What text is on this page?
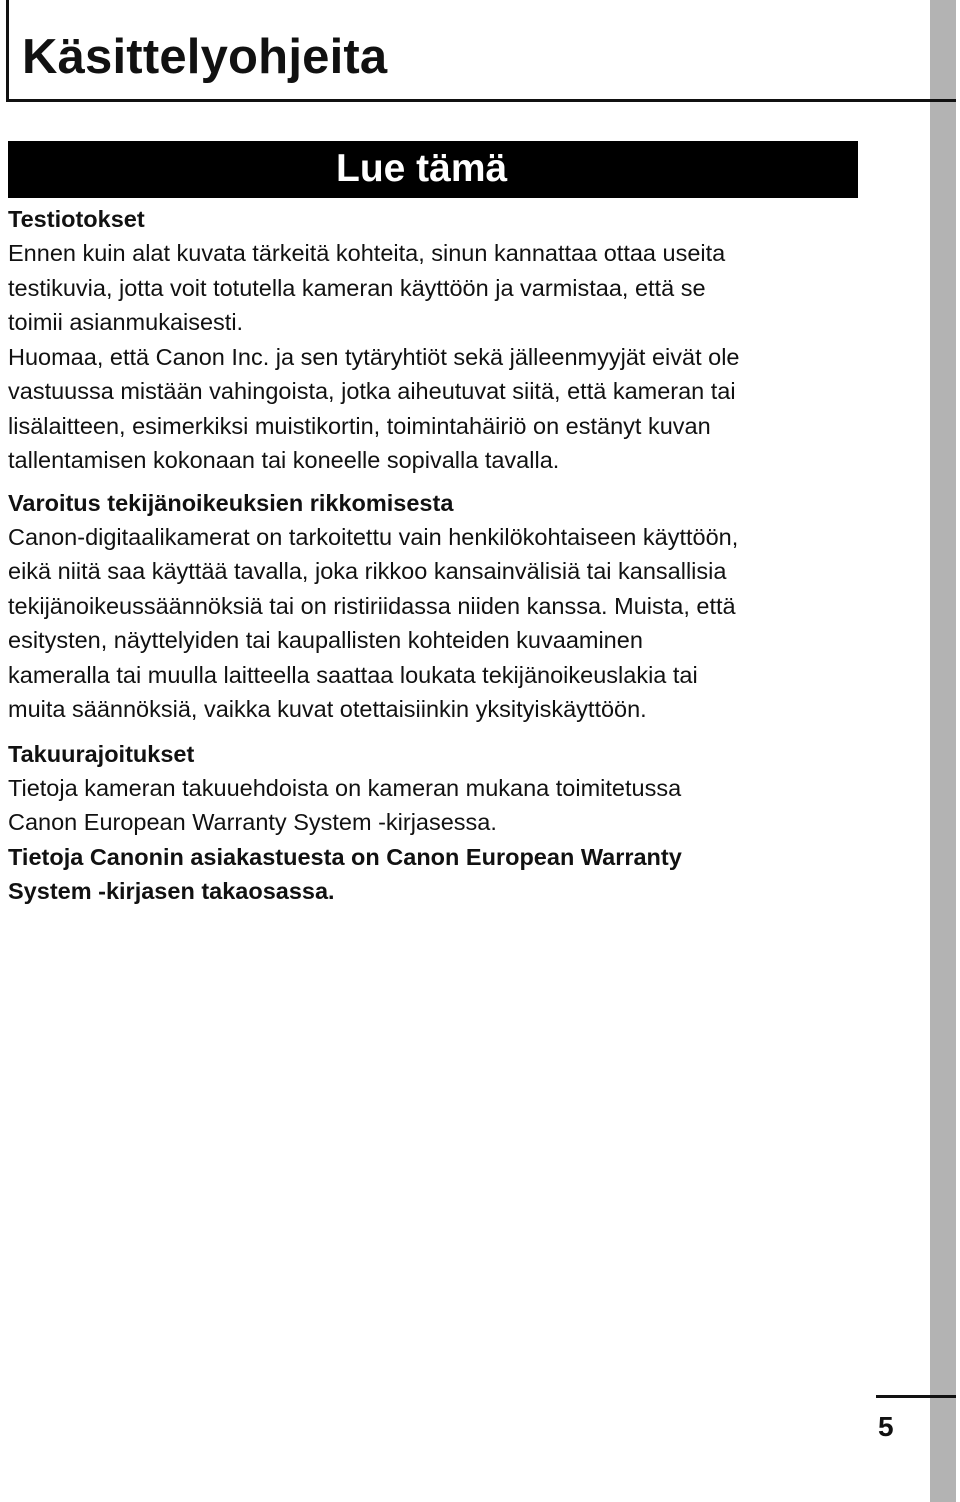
Käsittelyohjeita
Lue tämä
Testiotokset

Ennen kuin alat kuvata tärkeitä kohteita, sinun kannattaa ottaa useita

testikuvia, jotta voit totutella kameran käyttöön ja varmistaa, että se

toimii asianmukaisesti.

Huomaa, että Canon Inc. ja sen tytäryhtiöt sekä jälleenmyyjät eivät ole

vastuussa mistään vahingoista, jotka aiheutuvat siitä, että kameran tai

lisälaitteen, esimerkiksi muistikortin, toimintahäiriö on estänyt kuvan

tallentamisen kokonaan tai koneelle sopivalla tavalla.

Varoitus tekijänoikeuksien rikkomisesta

Canon-digitaalikamerat on tarkoitettu vain henkilökohtaiseen käyttöön,

eikä niitä saa käyttää tavalla, joka rikkoo kansainvälisiä tai kansallisia

tekijänoikeussäännöksiä tai on ristiriidassa niiden kanssa. Muista, että

esitysten, näyttelyiden tai kaupallisten kohteiden kuvaaminen

kameralla tai muulla laitteella saattaa loukata tekijänoikeuslakia tai

muita säännöksiä, vaikka kuvat otettaisiinkin yksityiskäyttöön.

Takuurajoitukset

Tietoja kameran takuuehdoista on kameran mukana toimitetussa

Canon European Warranty System -kirjasessa.

Tietoja Canonin asiakastuesta on Canon European Warranty

System -kirjasen takaosassa.

5
